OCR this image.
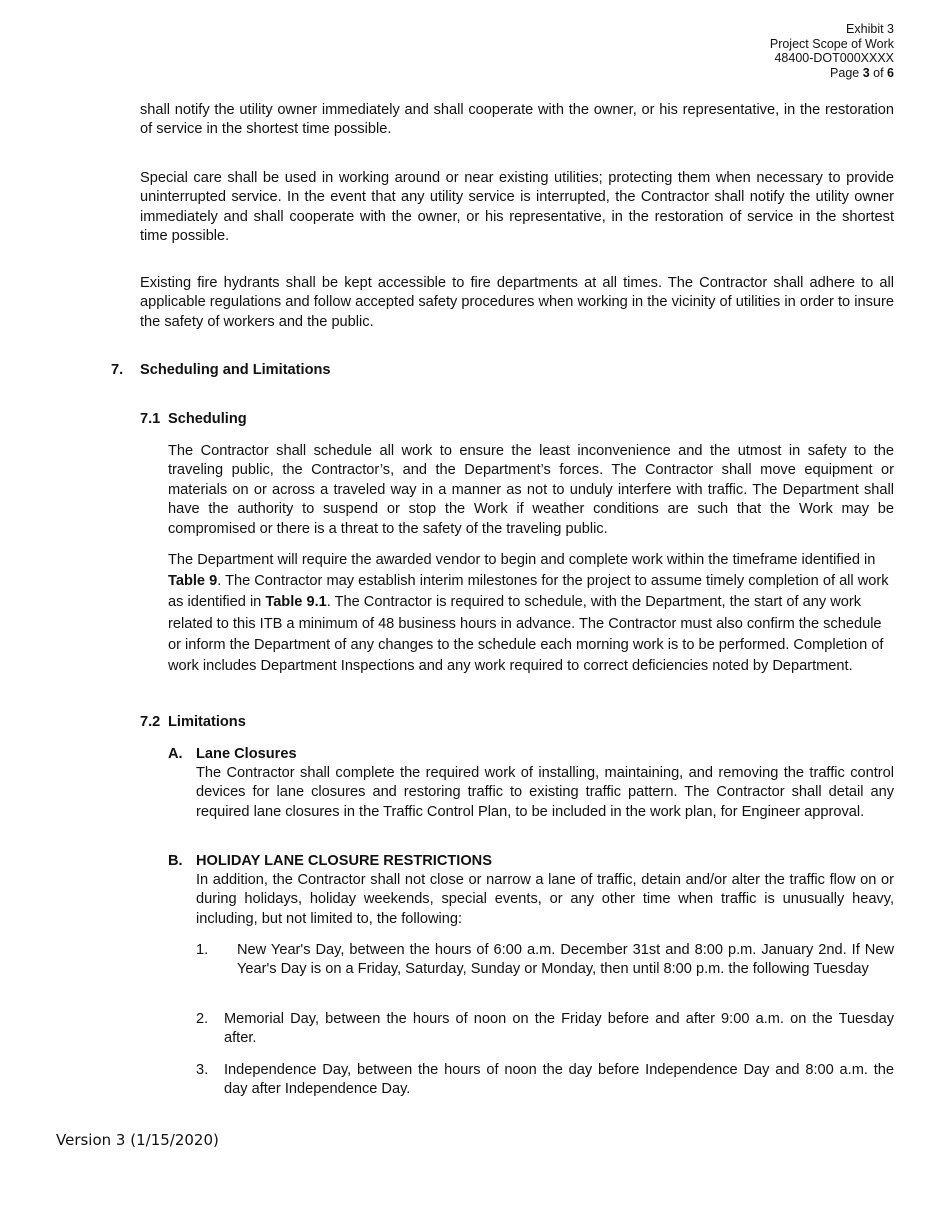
Exhibit 3
Project Scope of Work
48400-DOT000XXXX
Page 3 of 6

shall notify the utility owner immediately and shall cooperate with the owner, or his representative, in the restoration of service in the shortest time possible.

Special care shall be used in working around or near existing utilities; protecting them when necessary to provide uninterrupted service. In the event that any utility service is interrupted, the Contractor shall notify the utility owner immediately and shall cooperate with the owner, or his representative, in the restoration of service in the shortest time possible.

Existing fire hydrants shall be kept accessible to fire departments at all times. The Contractor shall adhere to all applicable regulations and follow accepted safety procedures when working in the vicinity of utilities in order to insure the safety of workers and the public.

7. Scheduling and Limitations
7.1 Scheduling

The Contractor shall schedule all work to ensure the least inconvenience and the utmost in safety to the traveling public, the Contractor’s, and the Department’s forces. The Contractor shall move equipment or materials on or across a traveled way in a manner as not to unduly interfere with traffic. The Department shall have the authority to suspend or stop the Work if weather conditions are such that the Work may be compromised or there is a threat to the safety of the traveling public.

The Department will require the awarded vendor to begin and complete work within the timeframe identified in Table 9. The Contractor may establish interim milestones for the project to assume timely completion of all work as identified in Table 9.1. The Contractor is required to schedule, with the Department, the start of any work related to this ITB a minimum of 48 business hours in advance. The Contractor must also confirm the schedule or inform the Department of any changes to the schedule each morning work is to be performed. Completion of work includes Department Inspections and any work required to correct deficiencies noted by Department.

7.2 Limitations
A. Lane Closures

The Contractor shall complete the required work of installing, maintaining, and removing the traffic control devices for lane closures and restoring traffic to existing traffic pattern. The Contractor shall detail any required lane closures in the Traffic Control Plan, to be included in the work plan, for Engineer approval.

B. HOLIDAY LANE CLOSURE RESTRICTIONS

In addition, the Contractor shall not close or narrow a lane of traffic, detain and/or alter the traffic flow on or during holidays, holiday weekends, special events, or any other time when traffic is unusually heavy, including, but not limited to, the following:

1. New Year's Day, between the hours of 6:00 a.m. December 31st and 8:00 p.m. January 2nd. If New Year's Day is on a Friday, Saturday, Sunday or Monday, then until 8:00 p.m. the following Tuesday
2. Memorial Day, between the hours of noon on the Friday before and after 9:00 a.m. on the Tuesday after.
3. Independence Day, between the hours of noon the day before Independence Day and 8:00 a.m. the day after Independence Day.
Version 3 (1/15/2020)
